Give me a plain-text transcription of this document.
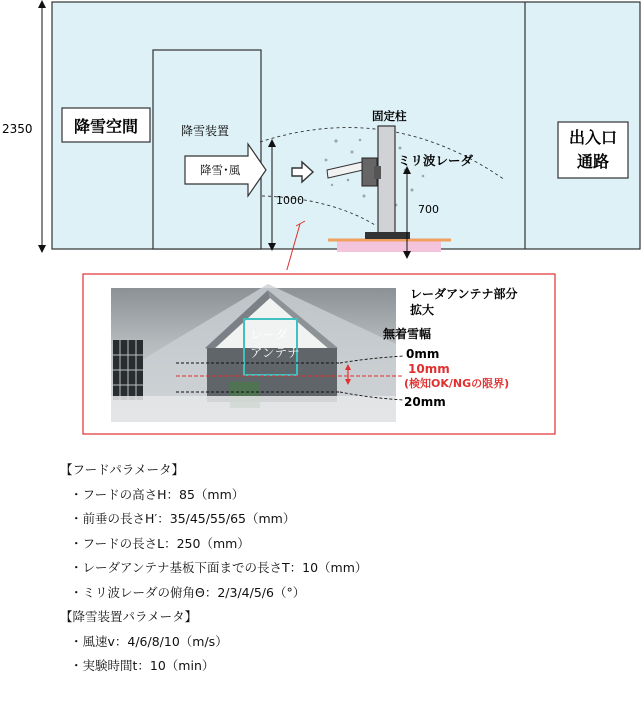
2350	降雪空間	降雪装置
降雪･風
1000
固定柱
ミリ波レーダ
700
出入口
通路
レーダ
アンテナ
レーダアンテナ部分
拡大
無着雪幅
0mm
10mm
(検知OK/NGの限界)
20mm
【フードパラメータ】
・フードの高さH：85（mm）
・前垂の長さH′：35/45/55/65（mm）
・フードの長さL：250（mm）
・レーダアンテナ基板下面までの長さT：10（mm）
・ミリ波レーダの俯角Θ：2/3/4/5/6（°）
【降雪装置パラメータ】
・風速v：4/6/8/10（m/s）
・実験時間t：10（min）
